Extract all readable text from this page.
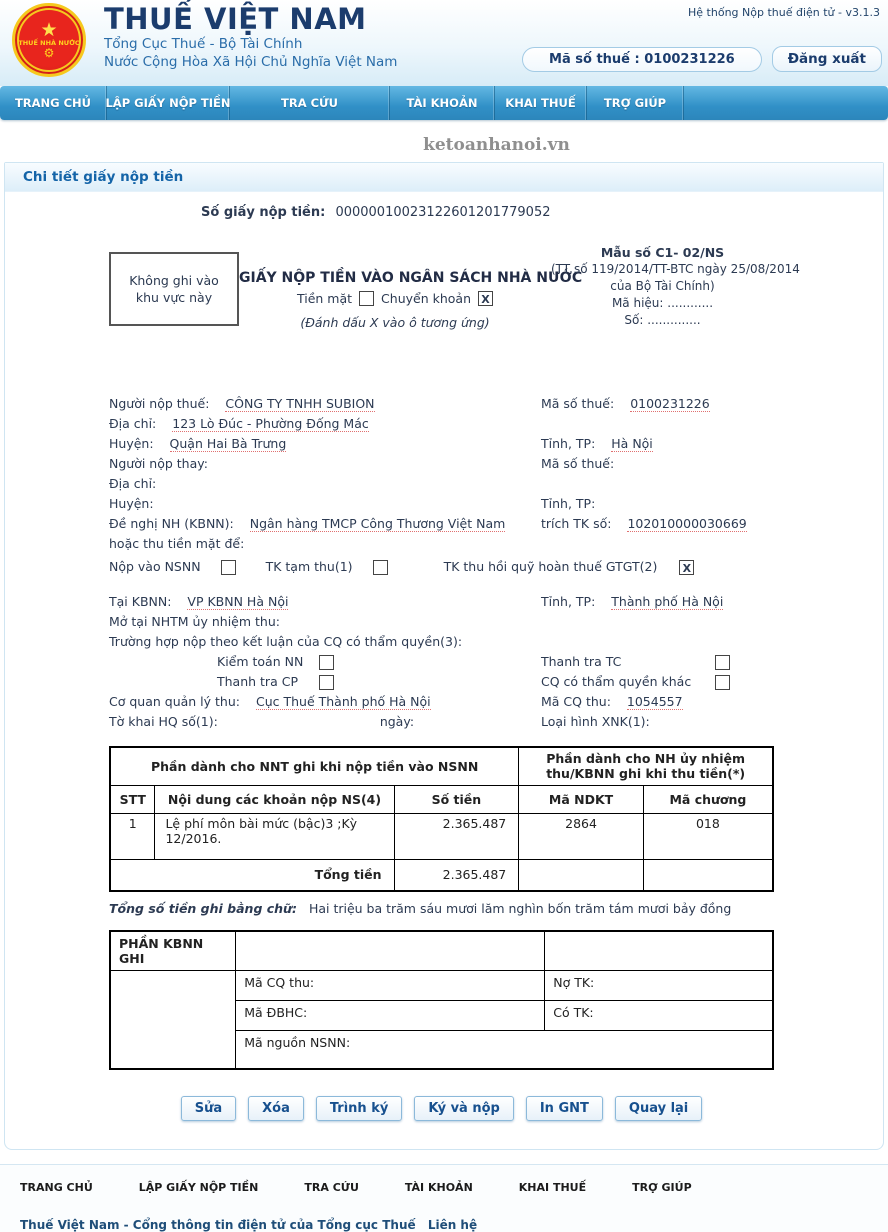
★
THUẾ NHÀ NƯỚC
⚙
THUẾ VIỆT NAM
Tổng Cục Thuế - Bộ Tài Chính
Nước Cộng Hòa Xã Hội Chủ Nghĩa Việt Nam
Hệ thống Nộp thuế điện tử - v3.1.3
Mã số thuế : 0100231226	Đăng xuất
TRANG CHỦ	LẬP GIẤY NỘP TIỀN	TRA CỨU	TÀI KHOẢN	KHAI THUẾ	TRỢ GIÚP
ketoanhanoi.vn
Chi tiết giấy nộp tiền
Số giấy nộp tiền: 00000010023122601201779052
Không ghi vào
khu vực này
GIẤY NỘP TIỀN VÀO NGÂN SÁCH NHÀ NƯỚC
Tiền mặt Chuyển khoản X
(Đánh dấu X vào ô tương ứng)
Mẫu số C1- 02/NS
(TT số 119/2014/TT-BTC ngày 25/08/2014
của Bộ Tài Chính)
Mã hiệu: ............
Số: ..............
Người nộp thuế: CÔNG TY TNHH SUBION	Mã số thuế: 0100231226
Địa chỉ: 123 Lò Đúc - Phường Đống Mác
Huyện: Quận Hai Bà Trưng	Tỉnh, TP: Hà Nội
Người nộp thay:	Mã số thuế:
Địa chỉ:
Huyện:	Tỉnh, TP:
Đề nghị NH (KBNN): Ngân hàng TMCP Công Thương Việt Nam	trích TK số: 102010000030669
hoặc thu tiền mặt để:
Nộp vào NSNN	TK tạm thu(1)	TK thu hồi quỹ hoàn thuế GTGT(2) X
Tại KBNN: VP KBNN Hà Nội	Tỉnh, TP: Thành phố Hà Nội
Mở tại NHTM ủy nhiệm thu:
Trường hợp nộp theo kết luận của CQ có thẩm quyền(3):
Kiểm toán NN	Thanh tra TC
Thanh tra CP	CQ có thẩm quyền khác
Cơ quan quản lý thu: Cục Thuế Thành phố Hà Nội	Mã CQ thu: 1054557
Tờ khai HQ số(1):	ngày:	Loại hình XNK(1):
Phần dành cho NNT ghi khi nộp tiền vào NSNN			Phần dành cho NH ủy nhiệm thu/KBNN ghi khi thu tiền(*)	
STT	Nội dung các khoản nộp NS(4)	Số tiền	Mã NDKT	Mã chương
1	Lệ phí môn bài mức (bậc)3 ;Kỳ 12/2016.	2.365.487	2864	018
Tổng tiền		2.365.487		
Tổng số tiền ghi bằng chữ: Hai triệu ba trăm sáu mươi lăm nghìn bốn trăm tám mươi bảy đồng
PHẦN KBNN GHI		
	Mã CQ thu:	Nợ TK:
	Mã ĐBHC:	Có TK:
	Mã nguồn NSNN:	
Sửa	Xóa	Trình ký	Ký và nộp	In GNT	Quay lại
TRANG CHỦ	LẬP GIẤY NỘP TIỀN	TRA CỨU	TÀI KHOẢN	KHAI THUẾ	TRỢ GIÚP
Thuế Việt Nam - Cổng thông tin điện tử của Tổng cục Thuế Liên hệ
